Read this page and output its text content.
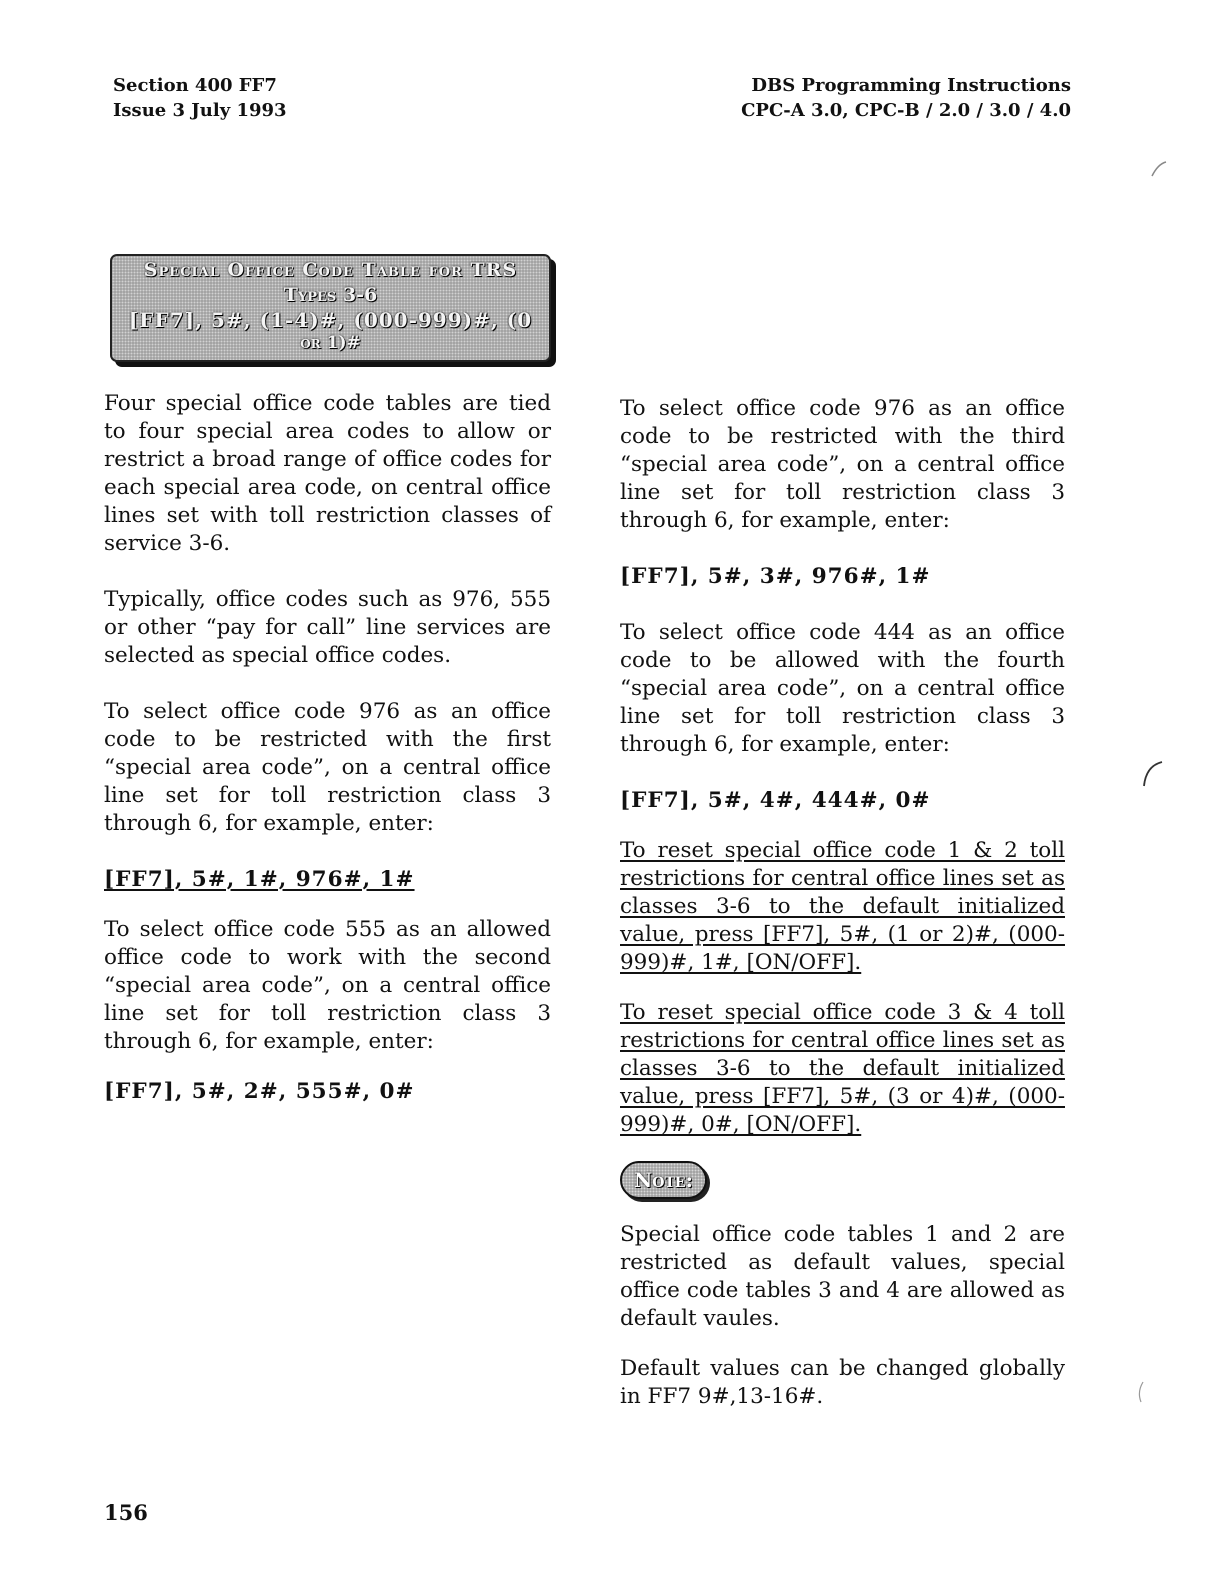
Section 400 FF7
Issue 3 July 1993
DBS Programming Instructions
CPC-A 3.0, CPC-B / 2.0 / 3.0 / 4.0
Special Office Code Table for TRS
Types 3-6
[FF7], 5#, (1-4)#, (000-999)#, (0
or 1)#

Four special office code tables are tied to four special area codes to allow or restrict a broad range of office codes for each special area code, on central office lines set with toll restriction classes of service 3-6.

Typically, office codes such as 976, 555 or other “pay for call” line services are selected as special office codes.

To select office code 976 as an office code to be restricted with the first “special area code”, on a central office line set for toll restriction class 3 through 6, for example, enter:

[FF7], 5#, 1#, 976#, 1#

To select office code 555 as an allowed office code to work with the second “special area code”, on a central office line set for toll restriction class 3 through 6, for example, enter:

[FF7], 5#, 2#, 555#, 0#

To select office code 976 as an office code to be restricted with the third “special area code”, on a central office line set for toll restriction class 3 through 6, for example, enter:

[FF7], 5#, 3#, 976#, 1#

To select office code 444 as an office code to be allowed with the fourth “special area code”, on a central office line set for toll restriction class 3 through 6, for example, enter:

[FF7], 5#, 4#, 444#, 0#

To reset special office code 1 & 2 toll restrictions for central office lines set as classes 3-6 to the default initialized value, press [FF7], 5#, (1 or 2)#, (000-999)#, 1#, [ON/OFF].

To reset special office code 3 & 4 toll restrictions for central office lines set as classes 3-6 to the default initialized value, press [FF7], 5#, (3 or 4)#, (000-999)#, 0#, [ON/OFF].

Note:

Special office code tables 1 and 2 are restricted as default values, special office code tables 3 and 4 are allowed as default vaules.

Default values can be changed globally in FF7 9#,13-16#.

156
